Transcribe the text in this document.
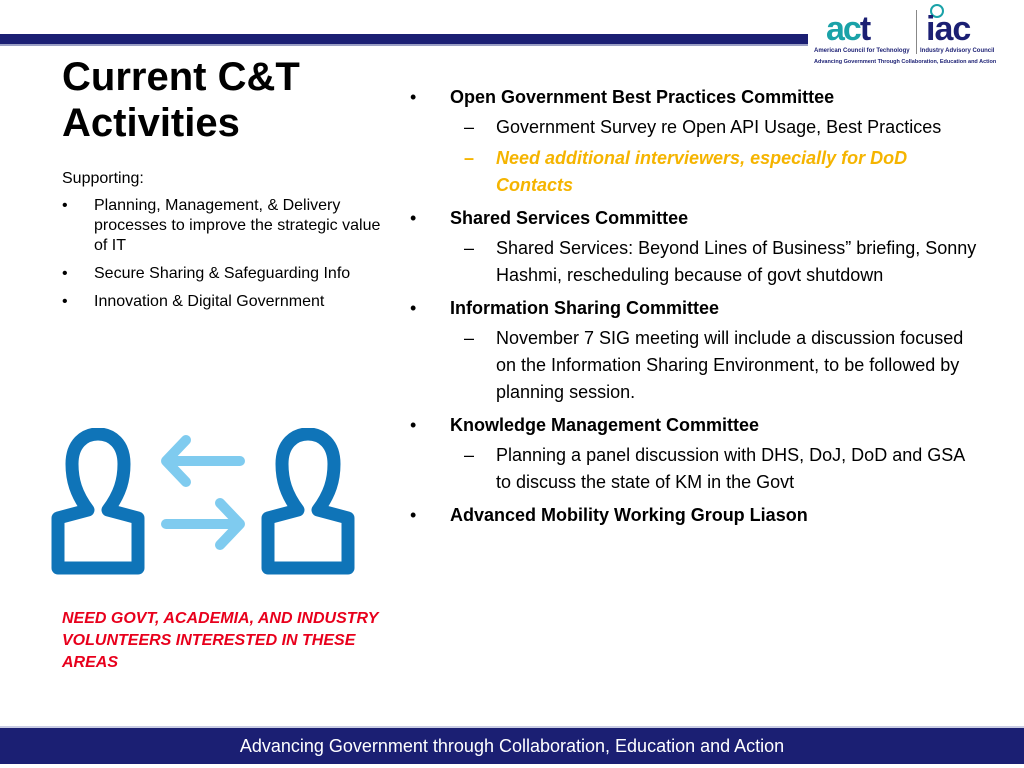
act
American Council for Technology
iac
Industry Advisory Council
Advancing Government Through Collaboration, Education and Action
Current C&T
Activities
Supporting:
• Planning, Management, & Delivery processes to improve the strategic value of IT
• Secure Sharing & Safeguarding Info
• Innovation & Digital Government
NEED GOVT, ACADEMIA, AND INDUSTRY VOLUNTEERS INTERESTED IN THESE AREAS
• Open Government Best Practices Committee
– Government Survey re Open API Usage, Best Practices
– Need additional interviewers, especially for DoD Contacts
• Shared Services Committee
– Shared Services: Beyond Lines of Business” briefing, Sonny Hashmi, rescheduling because of govt shutdown
• Information Sharing Committee
– November 7 SIG meeting will include a discussion focused on the Information Sharing Environment, to be followed by planning session.
• Knowledge Management Committee
– Planning a panel discussion with DHS, DoJ, DoD and GSA to discuss the state of KM in the Govt
• Advanced Mobility Working Group Liason
Advancing Government through Collaboration, Education and Action
